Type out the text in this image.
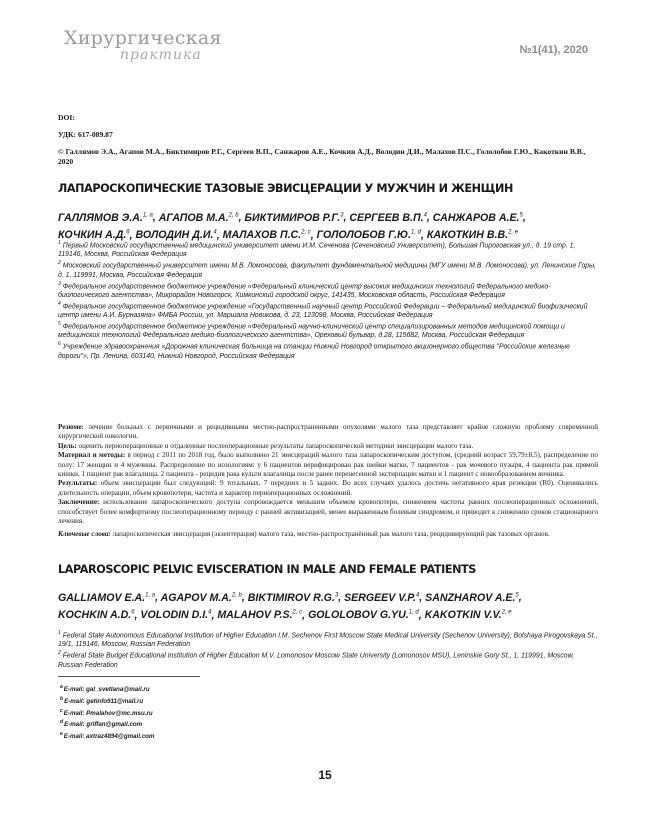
Хирургическая
практика	№1(41), 2020
DOI:
УДК: 617-089.87
© Галлямов Э.А., Агапов М.А., Биктимиров Р.Г., Сергеев В.П., Санжаров А.Е., Кочкин А.Д., Володин Д.И., Малахов П.С., Гололобов Г.Ю., Какоткин В.В., 2020
ЛАПАРОСКОПИЧЕСКИЕ ТАЗОВЫЕ ЭВИСЦЕРАЦИИ У МУЖЧИН И ЖЕНЩИН
ГАЛЛЯМОВ Э.А.$^{1, a}$, АГАПОВ М.А.$^{2, b}$, БИКТИМИРОВ Р.Г.$^3$, СЕРГЕЕВ В.П.$^4$, САНЖАРОВ А.Е.$^5$,
КОЧКИН А.Д.$^6$, ВОЛОДИН Д.И.$^4$, МАЛАХОВ П.С.$^{2, c}$, ГОЛОЛОБОВ Г.Ю.$^{1, d}$, КАКОТКИН В.В.$^{2, e}$

$^1$ Первый Московский государственный медицинский университет имени И.М. Сеченова (Сеченовский Университет), Большая Пироговская ул., д. 19 стр. 1, 119146, Москва, Российская Федерация

$^2$ Московский государственный университет имени М.В. Ломоносова, факультет фундаментальной медицины (МГУ имени М.В. Ломоносова), ул. Ленинские Горы, д. 1, 119991, Москва, Российская Федерация

$^3$ Федеральное государственное бюджетное учреждение «Федеральный клинический центр высоких медицинских технологий Федерального медико-биологического агентства», Микрорайон Новогорск, Химкинский городской округ, 141435, Московская область, Российская Федерация

$^4$ Федеральное государственное бюджетное учреждение «Государственный научный центр Российской Федерации – Федеральный медицинский биофизический центр имени А.И. Бурназяна» ФМБА России, ул. Маршала Новикова, д. 23, 123098, Москва, Российская Федерация

$^5$ Федеральное государственное бюджетное учреждение «Федеральный научно-клинический центр специализированных методов медицинской помощи и медицинских технологий Федерального медико-биологического агентства», Ореховый бульвар, д.28, 115682, Москва, Российская Федерация

$^6$ Учреждение здравоохранения «Дорожная клиническая больница на станции Нижний Новгород открытого акционерного общества "Российские железные дороги"», Пр. Ленина, 603140, Нижний Новгород, Российская Федерация

Резюме: лечение больных с первичными и рецидивными местно-распространенными опухолями малого таза представляет крайне сложную проблему современной хирургической онкологии.

Цель: оценить периоперационные и отдаленные послеоперационные результаты лапароскопической методики эвисцерации малого таза.

Материал и методы: в период с 2011 по 2018 год, было выполнено 21 эвисцераций малого таза лапароскопическим доступом, (средний возраст 59,79±8,5), распределение по полу: 17 женщин и 4 мужчины. Распределение по нозологиям: у 6 пациентов верифицирован рак шейки матки, 7 пациентов - рак мочевого пузыря, 4 пациента рак прямой кишки, 1 пациент рак влагалища, 2 пациента - рецидив рака культи влагалища после ранее перенесенной экстирпации матки и 1 пациент с новообразованием яичника.

Результаты: объем эвисцерации был следующий: 9 тотальных, 7 передних и 5 задних. Во всех случаях удалось достичь негативного края резекции (R0). Оценивались длительность операции, объем кровопотери, частота и характер периоперационных осложнений.

Заключение: использование лапароскопического доступа сопровождается меньшим объемом кровопотери, снижением частоты ранних послеоперационных осложнений, способствует более комфортному послеоперационному периоду с ранней активизацией, менее выраженным болевым синдромом, и приводит к снижению сроков стационарного лечения.

Ключевые слова: лапароскопическая эвисцерация (экзентерация) малого таза, местно-распространённый рак малого таза, рецидивирующий рак тазовых органов.
LAPAROSCOPIC PELVIC EVISCERATION IN MALE AND FEMALE PATIENTS
GALLIAMOV E.A.$^{1, a}$, AGAPOV M.A.$^{2, b}$, BIKTIMIROV R.G.$^3$, SERGEEV V.P.$^4$, SANZHAROV A.E.$^5$,
KOCHKIN A.D.$^6$, VOLODIN D.I.$^4$, MALAHOV P.S.$^{2, c}$, GOLOLOBOV G.YU.$^{1, d}$, KAKOTKIN V.V.$^{2, e}$

$^1$ Federal State Autonomous Educational Institution of Higher Education I.M. Sechenov First Moscow State Medical University (Sechenov University); Bolshaya Pirogovskaya St., 19/1, 119146, Moscow, Russian Federation

$^2$ Federal State Budget Educational Institution of Higher Education M.V. Lomonosov Moscow State University (Lomonosov MSU), Leninskie Gory St., 1, 119991, Moscow, Russian Federation

$^a$E-mail: gal_svetlana@mail.ru
$^b$E-mail: getinfo911@mail.ru
$^c$E-mail: Pmalahov@mc.msu.ru
$^d$E-mail: griffan@gmail.com
$^e$E-mail: axtraz4894@gmail.com
15
